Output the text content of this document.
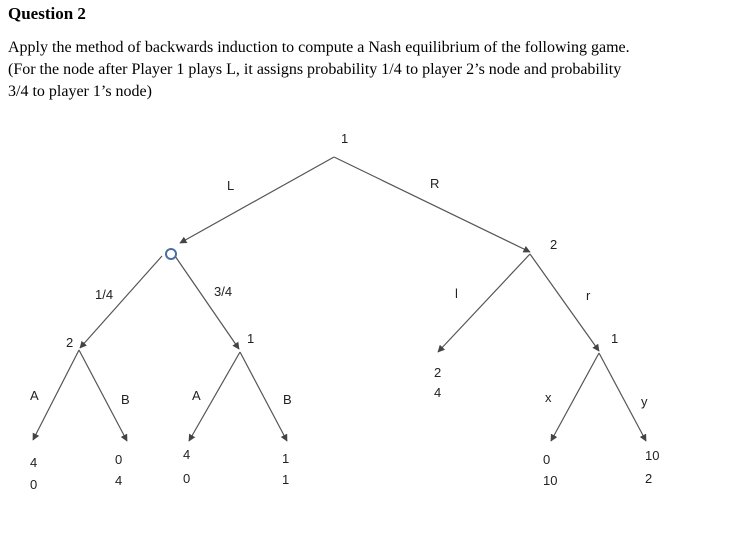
Question 2
Apply the method of backwards induction to compute a Nash equilibrium of the following game.
(For the node after Player 1 plays L, it assigns probability 1/4 to player 2’s node and probability
3/4 to player 1’s node)
1
L	R
2
1/4	3/4	l	r
2	1	1
A	B	A	B	x	y
2
4
4
0
0
4
4
0
1
1
0
10
10
2
